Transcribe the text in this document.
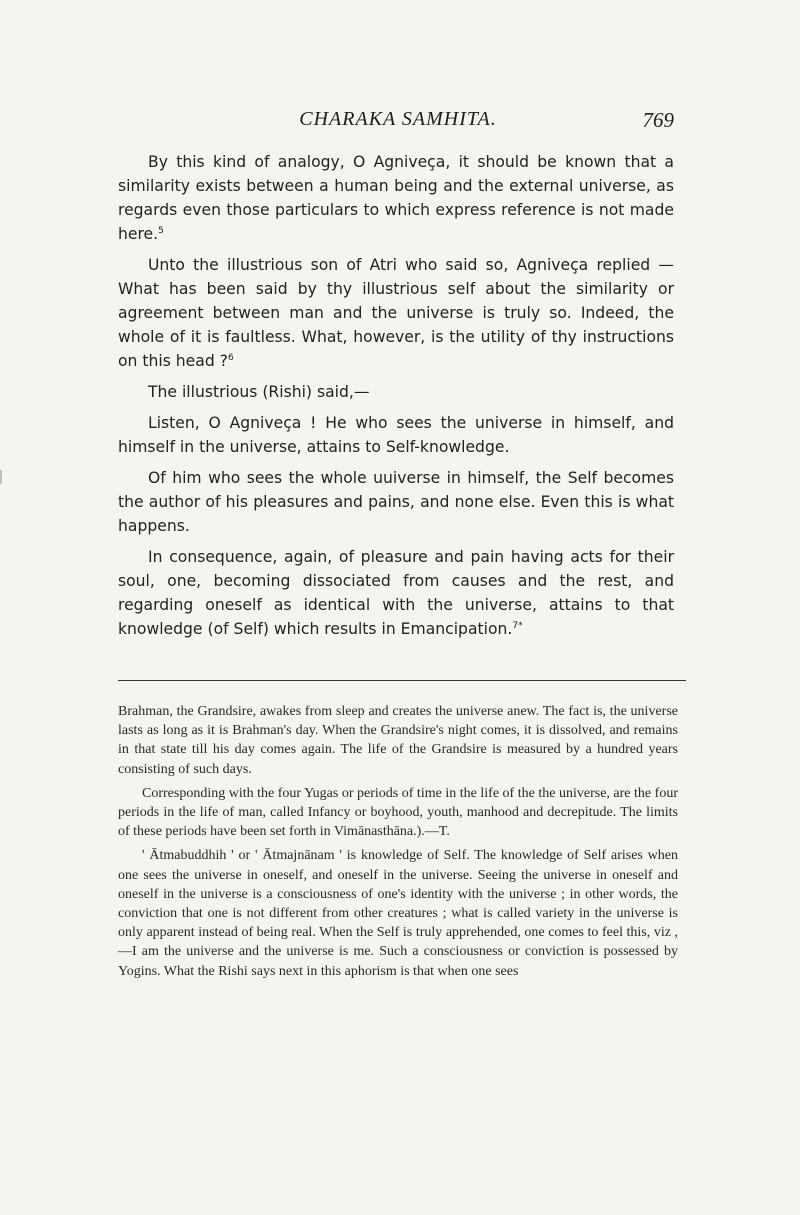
CHARAKA SAMHITA.	769

By this kind of analogy, O Agniveça, it should be known that a similarity exists between a human being and the external universe, as regards even those particulars to which express reference is not made here.$^5$

Unto the illustrious son of Atri who said so, Agniveça replied —What has been said by thy illustrious self about the similarity or agreement between man and the universe is truly so. Indeed, the whole of it is faultless. What, however, is the utility of thy instructions on this head ?$^6$

The illustrious (Rishi) said,—

Listen, O Agniveça ! He who sees the universe in himself, and himself in the universe, attains to Self-knowledge.

Of him who sees the whole uuiverse in himself, the Self becomes the author of his pleasures and pains, and none else. Even this is what happens.

In consequence, again, of pleasure and pain having acts for their soul, one, becoming dissociated from causes and the rest, and regarding oneself as identical with the universe, attains to that knowledge (of Self) which results in Emancipation.$^{7*}$

Brahman, the Grandsire, awakes from sleep and creates the universe anew. The fact is, the universe lasts as long as it is Brahman's day. When the Grandsire's night comes, it is dissolved, and remains in that state till his day comes again. The life of the Grandsire is measured by a hundred years consisting of such days.

Corresponding with the four Yugas or periods of time in the life of the the universe, are the four periods in the life of man, called Infancy or boyhood, youth, manhood and decrepitude. The limits of these periods have been set forth in Vimānasthāna.).—T.

' Ātmabuddhih ' or ' Ātmajnānam ' is knowledge of Self. The knowledge of Self arises when one sees the universe in oneself, and oneself in the universe. Seeing the universe in oneself and oneself in the universe is a consciousness of one's identity with the universe ; in other words, the conviction that one is not different from other creatures ; what is called variety in the universe is only apparent instead of being real. When the Self is truly apprehended, one comes to feel this, viz ,—I am the universe and the universe is me. Such a consciousness or conviction is possessed by Yogins. What the Rishi says next in this aphorism is that when one sees
